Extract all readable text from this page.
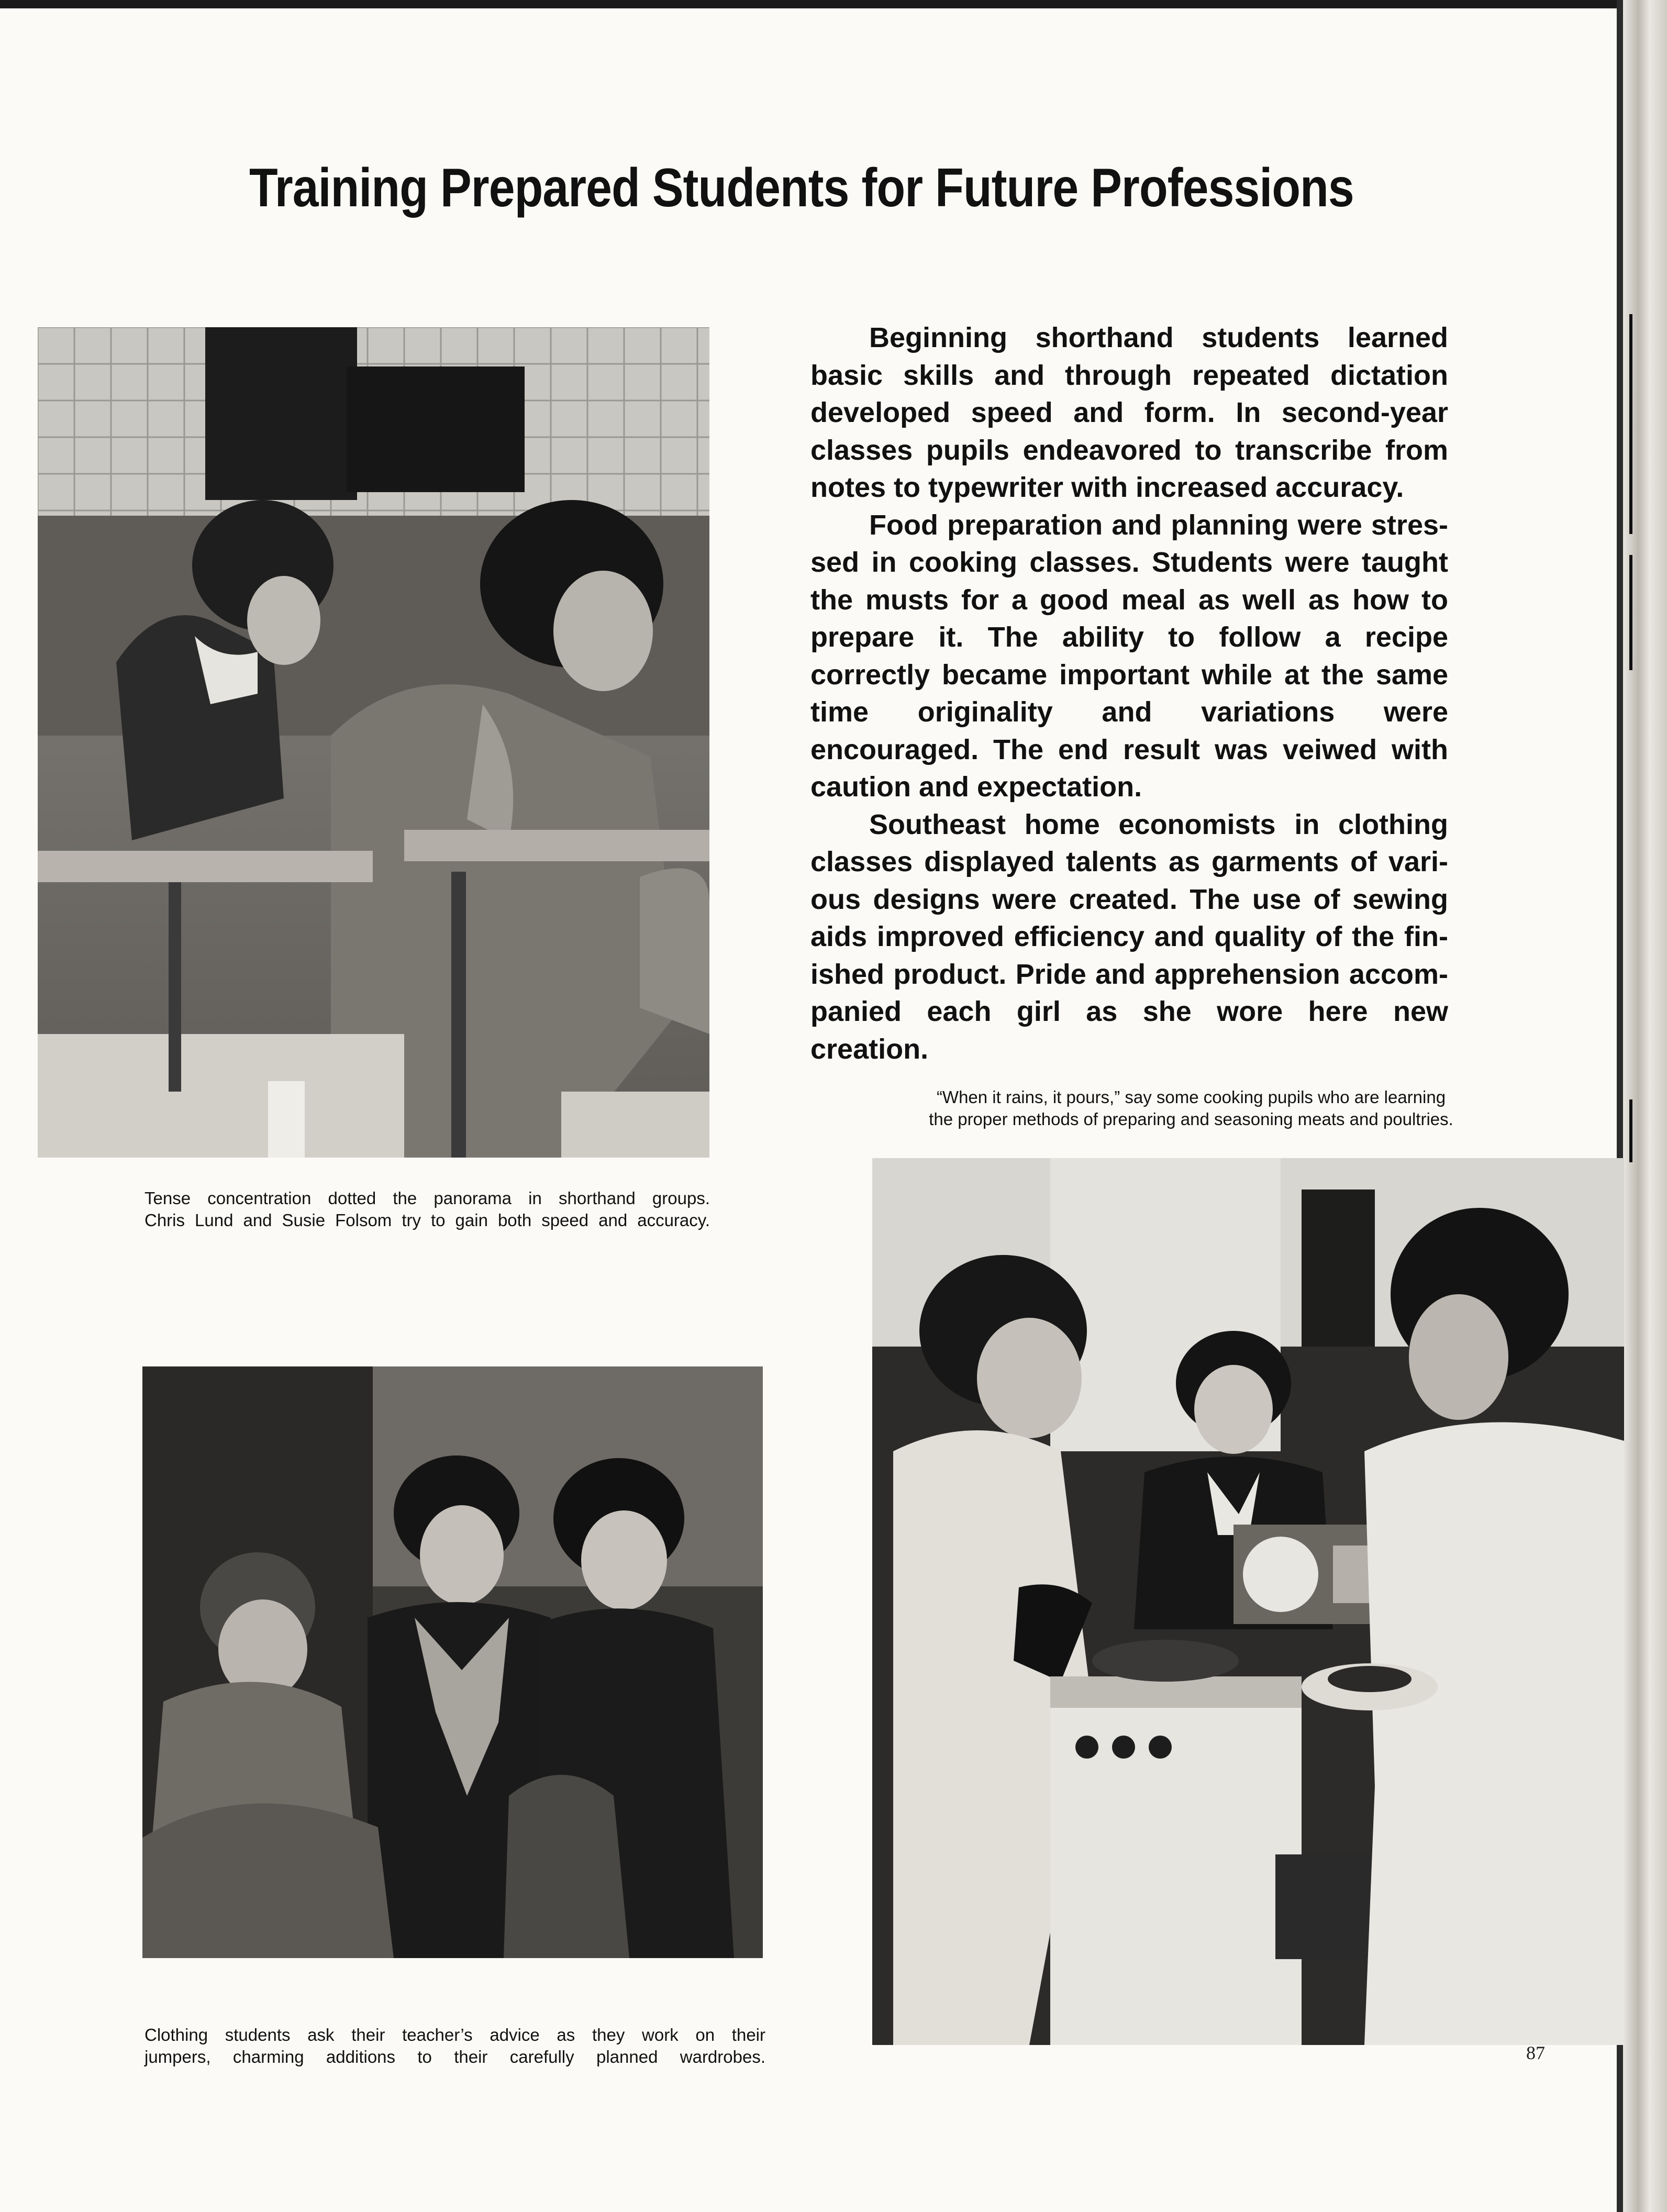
Training Prepared Students for Future Professions
Tense concentration dotted the panorama in shorthand groups.
Chris Lund and Susie Folsom try to gain both speed and accuracy.

Beginning shorthand students learned basic skills and through repeated dictation developed speed and form. In second-year classes pupils endeavored to transcribe from notes to typewriter with increased accuracy.

Food preparation and planning were stressed in cooking classes. Students were taught the musts for a good meal as well as how to prepare it. The ability to follow a recipe correctly became important while at the same time originality and variations were encouraged. The end result was veiwed with caution and expectation.

Southeast home economists in clothing classes displayed talents as garments of various designs were created. The use of sewing aids improved efficiency and quality of the finished product. Pride and apprehension accompanied each girl as she wore here new creation.

“When it rains, it pours,” say some cooking pupils who are learning
the proper methods of preparing and seasoning meats and poultries.
Clothing students ask their teacher’s advice as they work on their
jumpers, charming additions to their carefully planned wardrobes.	87
